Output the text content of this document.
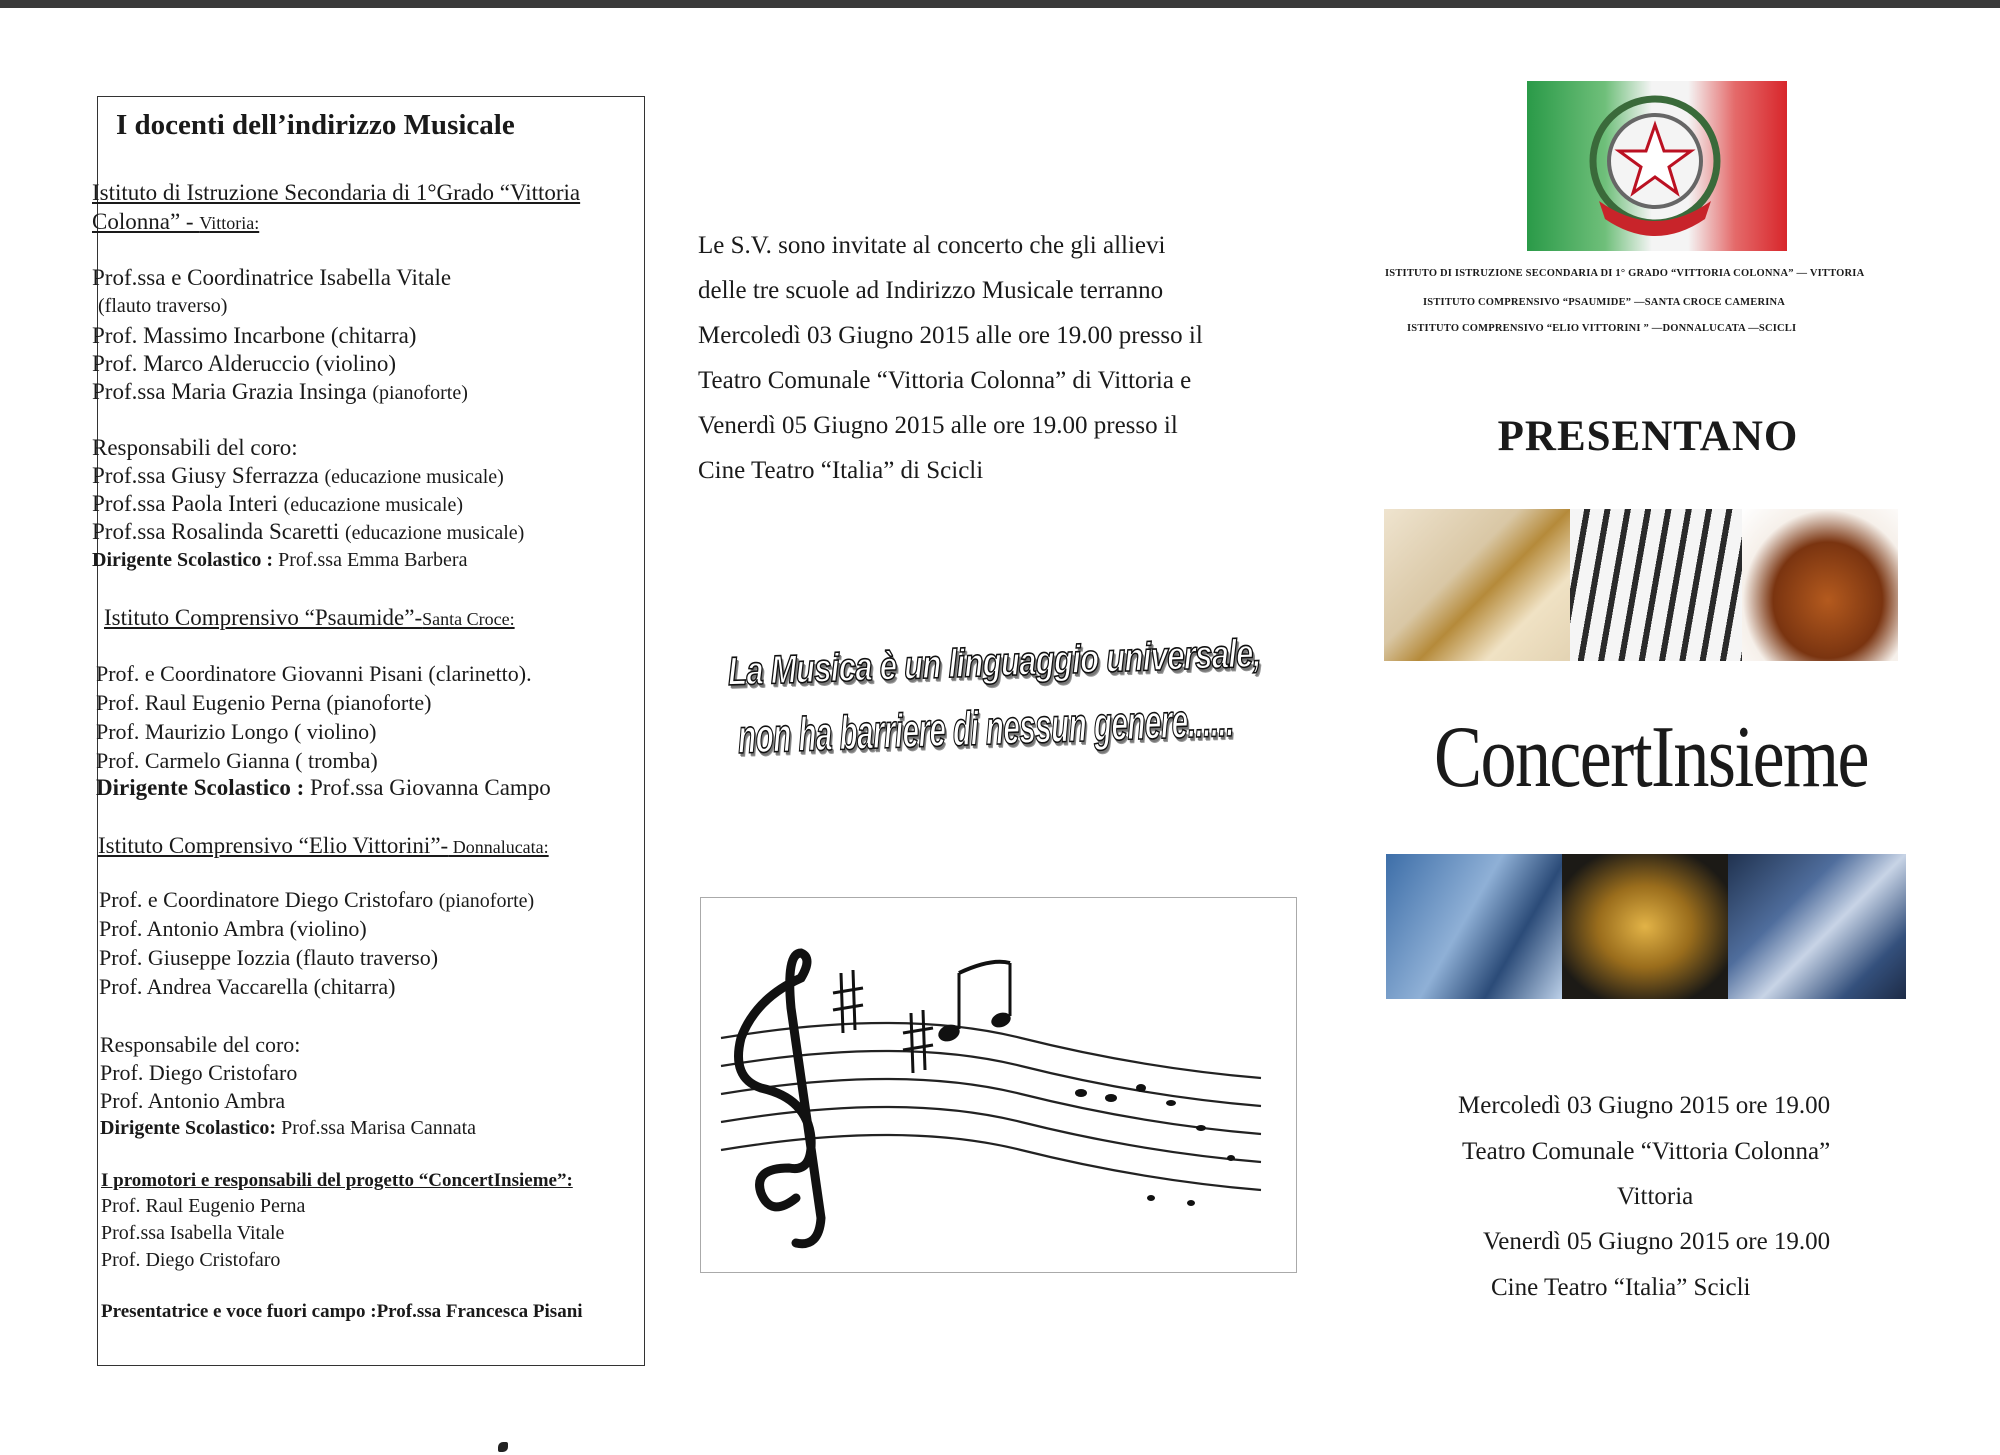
I docenti dell’indirizzo Musicale
Istituto di Istruzione Secondaria di 1°Grado “Vittoria
Colonna” - Vittoria:
Prof.ssa e Coordinatrice Isabella Vitale
(flauto traverso)
Prof. Massimo Incarbone (chitarra)
Prof. Marco Alderuccio (violino)
Prof.ssa Maria Grazia Insinga (pianoforte)
Responsabili del coro:
Prof.ssa Giusy Sferrazza (educazione musicale)
Prof.ssa Paola Interi (educazione musicale)
Prof.ssa Rosalinda Scaretti (educazione musicale)
Dirigente Scolastico : Prof.ssa Emma Barbera
Istituto Comprensivo “Psaumide”-Santa Croce:
Prof. e Coordinatore Giovanni Pisani (clarinetto).
Prof. Raul Eugenio Perna (pianoforte)
Prof. Maurizio Longo ( violino)
Prof. Carmelo Gianna ( tromba)
Dirigente Scolastico : Prof.ssa Giovanna Campo
Istituto Comprensivo “Elio Vittorini”- Donnalucata:
Prof. e Coordinatore Diego Cristofaro (pianoforte)
Prof. Antonio Ambra (violino)
Prof. Giuseppe Iozzia (flauto traverso)
Prof. Andrea Vaccarella (chitarra)
Responsabile del coro:
Prof. Diego Cristofaro
Prof. Antonio Ambra
Dirigente Scolastico: Prof.ssa Marisa Cannata
I promotori e responsabili del progetto “ConcertInsieme”:
Prof. Raul Eugenio Perna
Prof.ssa Isabella Vitale
Prof. Diego Cristofaro
Presentatrice e voce fuori campo :Prof.ssa Francesca Pisani
Le S.V. sono invitate al concerto che gli allievi
delle tre scuole ad Indirizzo Musicale terranno
Mercoledì 03 Giugno 2015 alle ore 19.00 presso il
Teatro Comunale “Vittoria Colonna” di Vittoria e
Venerdì 05 Giugno 2015 alle ore 19.00 presso il
Cine Teatro “Italia” di Scicli
La Musica è un linguaggio universale,
non ha barriere di nessun genere......
ISTITUTO DI ISTRUZIONE SECONDARIA DI 1° GRADO “VITTORIA COLONNA” — VITTORIA
ISTITUTO COMPRENSIVO “PSAUMIDE” —SANTA CROCE CAMERINA
ISTITUTO COMPRENSIVO “ELIO VITTORINI ” —DONNALUCATA —SCICLI
PRESENTANO
ConcertInsieme
Mercoledì 03 Giugno 2015 ore 19.00
Teatro Comunale “Vittoria Colonna”
Vittoria
Venerdì 05 Giugno 2015 ore 19.00
Cine Teatro “Italia” Scicli
